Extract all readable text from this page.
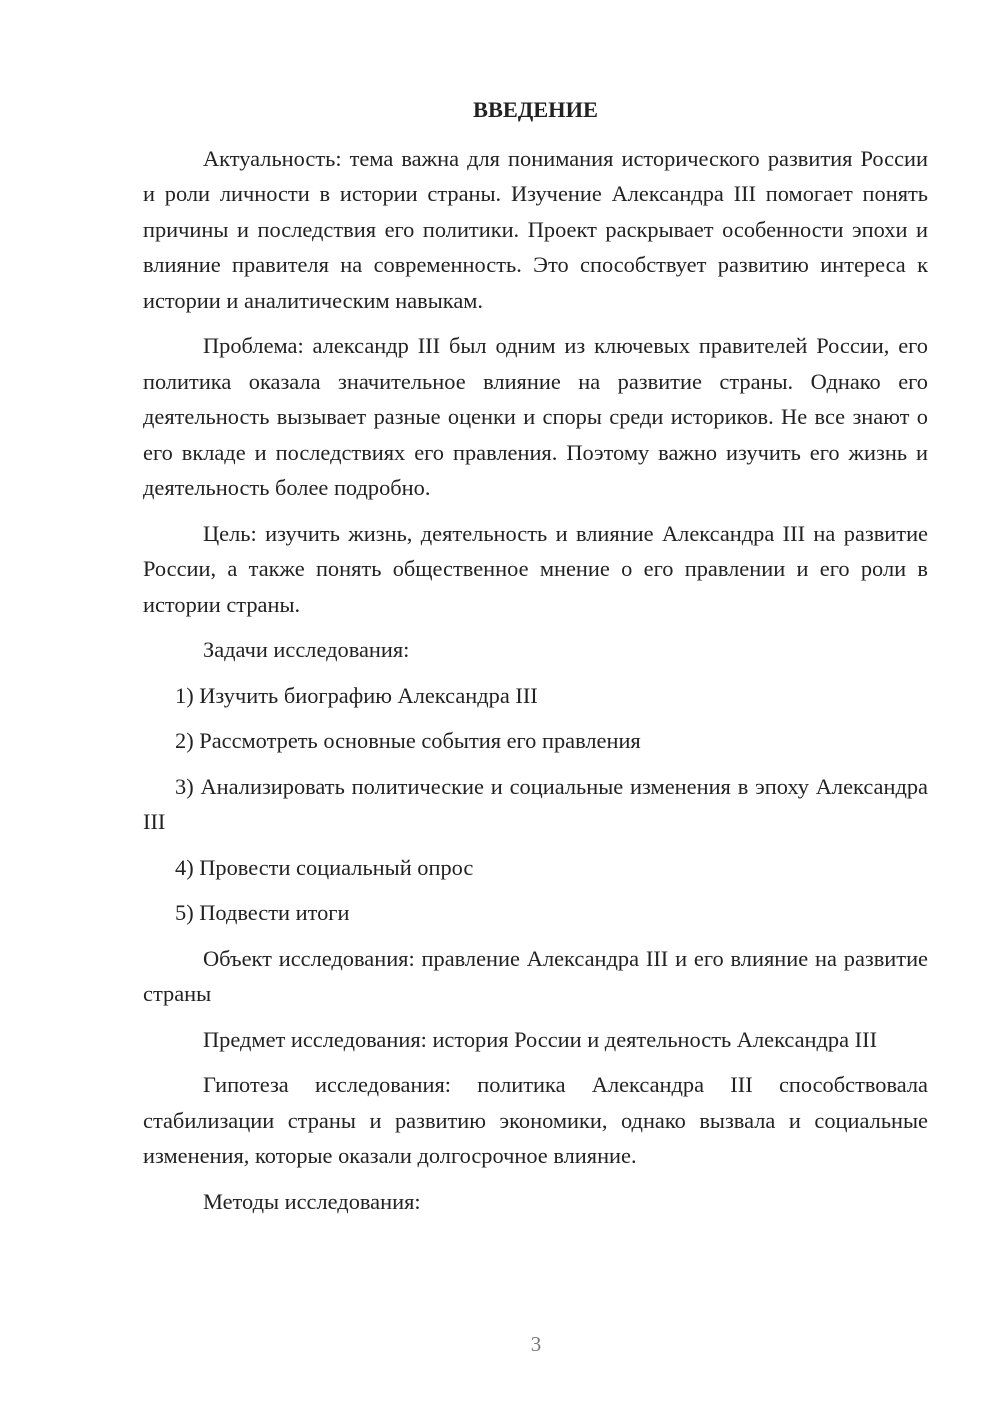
ВВЕДЕНИЕ

Актуальность: тема важна для понимания исторического развития России и роли личности в истории страны. Изучение Александра III помогает понять причины и последствия его политики. Проект раскрывает особенности эпохи и влияние правителя на современность. Это способствует развитию интереса к истории и аналитическим навыкам.

Проблема: александр III был одним из ключевых правителей России, его политика оказала значительное влияние на развитие страны. Однако его деятельность вызывает разные оценки и споры среди историков. Не все знают о его вкладе и последствиях его правления. Поэтому важно изучить его жизнь и деятельность более подробно.

Цель: изучить жизнь, деятельность и влияние Александра III на развитие России, а также понять общественное мнение о его правлении и его роли в истории страны.

Задачи исследования:

1) Изучить биографию Александра III

2) Рассмотреть основные события его правления

3) Анализировать политические и социальные изменения в эпоху Александра III

4) Провести социальный опрос

5) Подвести итоги

Объект исследования: правление Александра III и его влияние на развитие страны

Предмет исследования: история России и деятельность Александра III

Гипотеза исследования: политика Александра III способствовала стабилизации страны и развитию экономики, однако вызвала и социальные изменения, которые оказали долгосрочное влияние.

Методы исследования:

3
